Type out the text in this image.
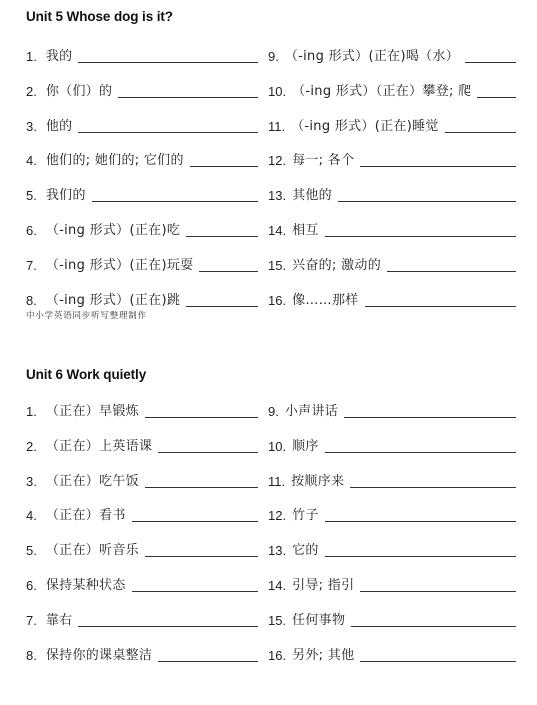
Unit 5 Whose dog is it?
1. 我的
2. 你（们）的
3. 他的
4. 他们的; 她们的; 它们的
5. 我们的
6. （-ing 形式）(正在)吃
7. （-ing 形式）(正在)玩耍
8. （-ing 形式）(正在)跳
9. （-ing 形式）(正在)喝（水）
10. （-ing 形式）（正在）攀登; 爬
11. （-ing 形式）(正在)睡觉
12. 每一; 各个
13. 其他的
14. 相互
15. 兴奋的; 激动的
16. 像……那样
中小学英语同步听写整理制作
Unit 6 Work quietly
1. （正在）早锻炼
2. （正在）上英语课
3. （正在）吃午饭
4. （正在）看书
5. （正在）听音乐
6. 保持某种状态
7. 靠右
8. 保持你的课桌整洁
9. 小声讲话
10. 顺序
11. 按顺序来
12. 竹子
13. 它的
14. 引导; 指引
15. 任何事物
16. 另外; 其他
